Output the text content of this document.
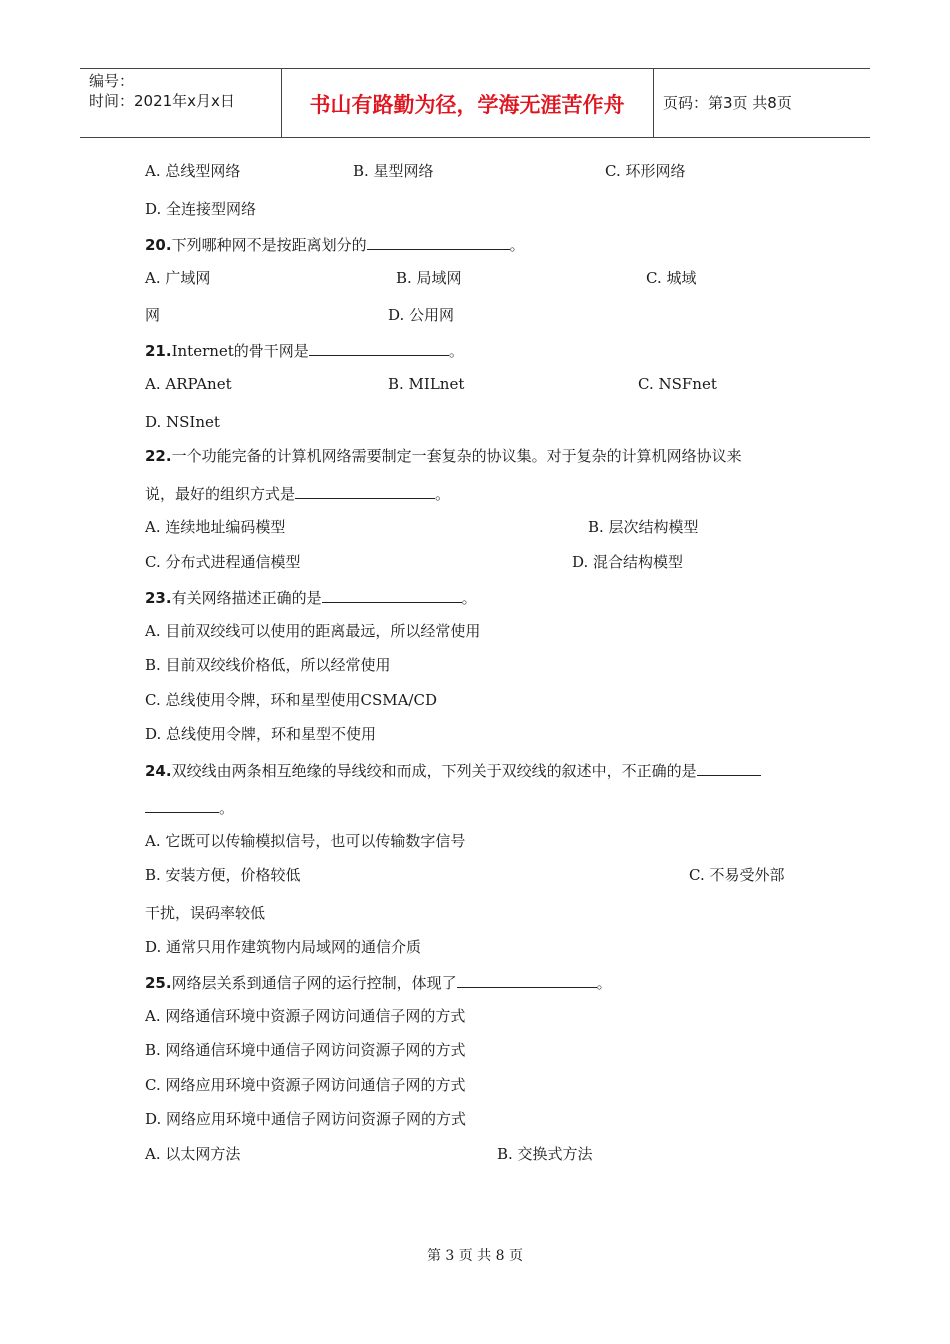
编号：
时间：2021年x月x日	书山有路勤为径，学海无涯苦作舟	页码：第3页 共8页
A. 总线型网络	B. 星型网络	C. 环形网络
D. 全连接型网络
20.下列哪种网不是按距离划分的	。
A. 广域网	B. 局域网	C. 城域
网	D. 公用网
21.Internet的骨干网是	。
A. ARPAnet	B. MILnet	C. NSFnet
D. NSInet
22.一个功能完备的计算机网络需要制定一套复杂的协议集。对于复杂的计算机网络协议来
说，最好的组织方式是	。
A. 连续地址编码模型	B. 层次结构模型
C. 分布式进程通信模型	D. 混合结构模型
23.有关网络描述正确的是	。
A. 目前双绞线可以使用的距离最远，所以经常使用
B. 目前双绞线价格低，所以经常使用
C. 总线使用令牌，环和星型使用CSMA/CD
D. 总线使用令牌，环和星型不使用
24.双绞线由两条相互绝缘的导线绞和而成，下列关于双绞线的叙述中，不正确的是
。
A. 它既可以传输模拟信号，也可以传输数字信号
B. 安装方便，价格较低	C. 不易受外部
干扰，误码率较低
D. 通常只用作建筑物内局域网的通信介质
25.网络层关系到通信子网的运行控制，体现了	。
A. 网络通信环境中资源子网访问通信子网的方式
B. 网络通信环境中通信子网访问资源子网的方式
C. 网络应用环境中资源子网访问通信子网的方式
D. 网络应用环境中通信子网访问资源子网的方式
A. 以太网方法	B. 交换式方法
第 3 页 共 8 页
